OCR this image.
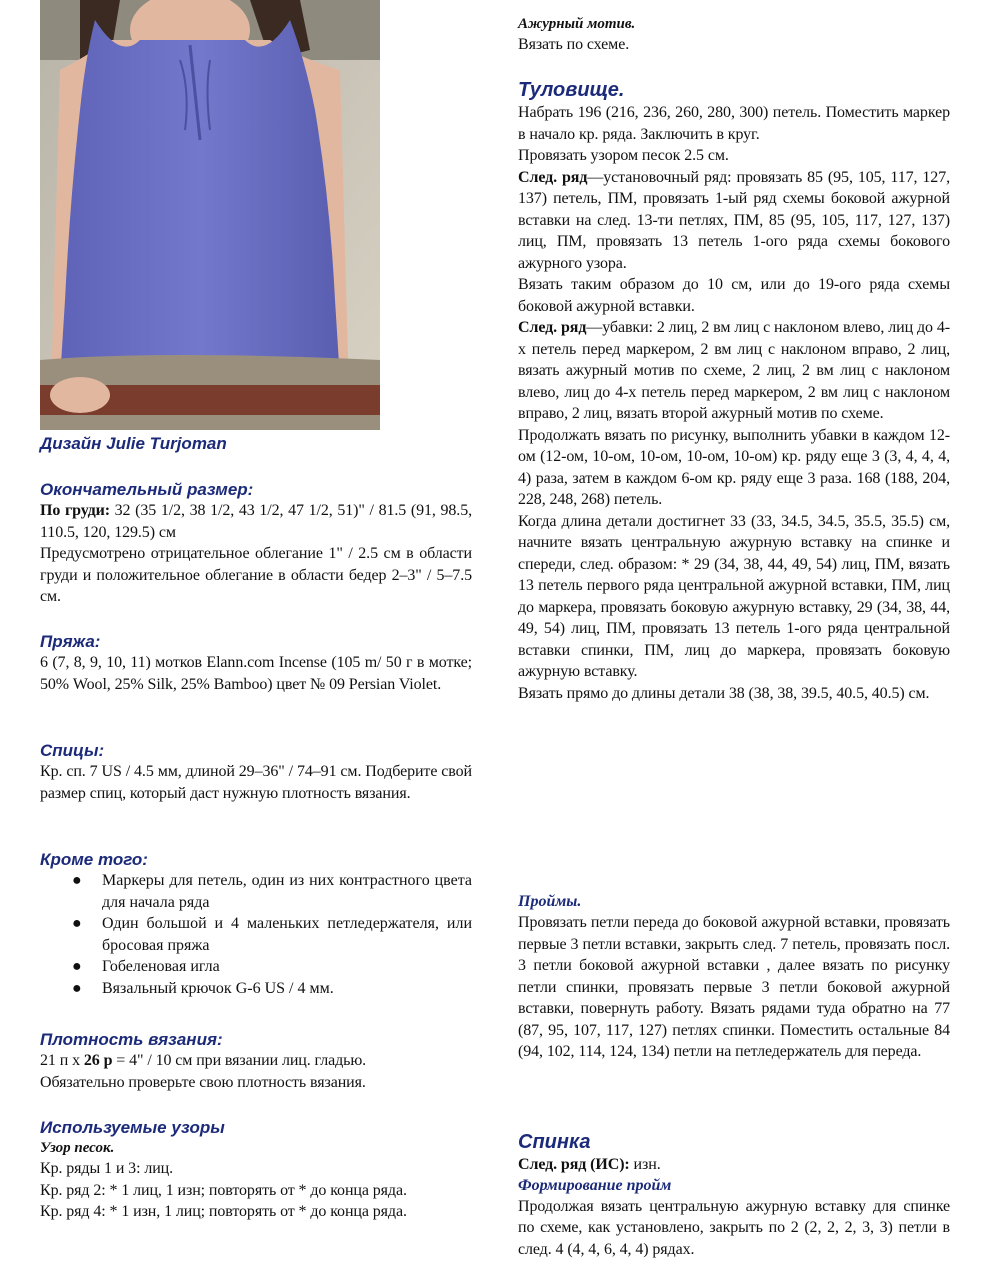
Дизайн Julie Turjoman
Окончательный размер:

По груди: 32 (35 1/2, 38 1/2, 43 1/2, 47 1/2, 51)" / 81.5 (91, 98.5, 110.5, 120, 129.5) см

Предусмотрено отрицательное облегание 1" / 2.5 см в области груди и положительное облегание в области бедер 2–3" / 5–7.5 см.

Пряжа:

6 (7, 8, 9, 10, 11) мотков Elann.com Incense (105 m/ 50 г в мотке; 50% Wool, 25% Silk, 25% Bamboo) цвет № 09 Persian Violet.

Спицы:

Кр. сп. 7 US / 4.5 мм, длиной 29–36" / 74–91 см. Подберите свой размер спиц, который даст нужную плотность вязания.

Кроме того:
● Маркеры для петель, один из них контрастного цвета для начала ряда
● Один большой и 4 маленьких петледержателя, или бросовая пряжа
● Гобеленовая игла
● Вязальный крючок G-6 US / 4 мм.
Плотность вязания:

21 п х 26 р = 4" / 10 см при вязании лиц. гладью.

Обязательно проверьте свою плотность вязания.

Используемые узоры
Узор песок.

Кр. ряды 1 и 3: лиц.

Кр. ряд 2: * 1 лиц, 1 изн; повторять от * до конца ряда.

Кр. ряд 4: * 1 изн, 1 лиц; повторять от * до конца ряда.

Ажурный мотив.

Вязать по схеме.

Туловище.

Набрать 196 (216, 236, 260, 280, 300) петель. Поместить маркер в начало кр. ряда. Заключить в круг.

Провязать узором песок 2.5 см.

След. ряд—установочный ряд: провязать 85 (95, 105, 117, 127, 137) петель, ПМ, провязать 1-ый ряд схемы боковой ажурной вставки на след. 13-ти петлях, ПМ, 85 (95, 105, 117, 127, 137) лиц, ПМ, провязать 13 петель 1-ого ряда схемы бокового ажурного узора.

Вязать таким образом до 10 см, или до 19-ого ряда схемы боковой ажурной вставки.

След. ряд—убавки: 2 лиц, 2 вм лиц с наклоном влево, лиц до 4-х петель перед маркером, 2 вм лиц с наклоном вправо, 2 лиц, вязать ажурный мотив по схеме, 2 лиц, 2 вм лиц с наклоном влево, лиц до 4-х петель перед маркером, 2 вм лиц с наклоном вправо, 2 лиц, вязать второй ажурный мотив по схеме.

Продолжать вязать по рисунку, выполнить убавки в каждом 12-ом (12-ом, 10-ом, 10-ом, 10-ом, 10-ом) кр. ряду еще 3 (3, 4, 4, 4, 4) раза, затем в каждом 6-ом кр. ряду еще 3 раза. 168 (188, 204, 228, 248, 268) петель.

Когда длина детали достигнет 33 (33, 34.5, 34.5, 35.5, 35.5) см, начните вязать центральную ажурную вставку на спинке и спереди, след. образом: * 29 (34, 38, 44, 49, 54) лиц, ПМ, вязать 13 петель первого ряда центральной ажурной вставки, ПМ, лиц до маркера, провязать боковую ажурную вставку, 29 (34, 38, 44, 49, 54) лиц, ПМ, провязать 13 петель 1-ого ряда центральной вставки спинки, ПМ, лиц до маркера, провязать боковую ажурную вставку.

Вязать прямо до длины детали 38 (38, 38, 39.5, 40.5, 40.5) см.

Проймы.

Провязать петли переда до боковой ажурной вставки, провязать первые 3 петли вставки, закрыть след. 7 петель, провязать посл. 3 петли боковой ажурной вставки , далее вязать по рисунку петли спинки, провязать первые 3 петли боковой ажурной вставки, повернуть работу. Вязать рядами туда обратно на 77 (87, 95, 107, 117, 127) петлях спинки. Поместить остальные 84 (94, 102, 114, 124, 134) петли на петледержатель для переда.

Спинка

След. ряд (ИС): изн.

Формирование пройм

Продолжая вязать центральную ажурную вставку для спинке по схеме, как установлено, закрыть по 2 (2, 2, 2, 3, 3) петли в след. 4 (4, 4, 6, 4, 4) рядах.
